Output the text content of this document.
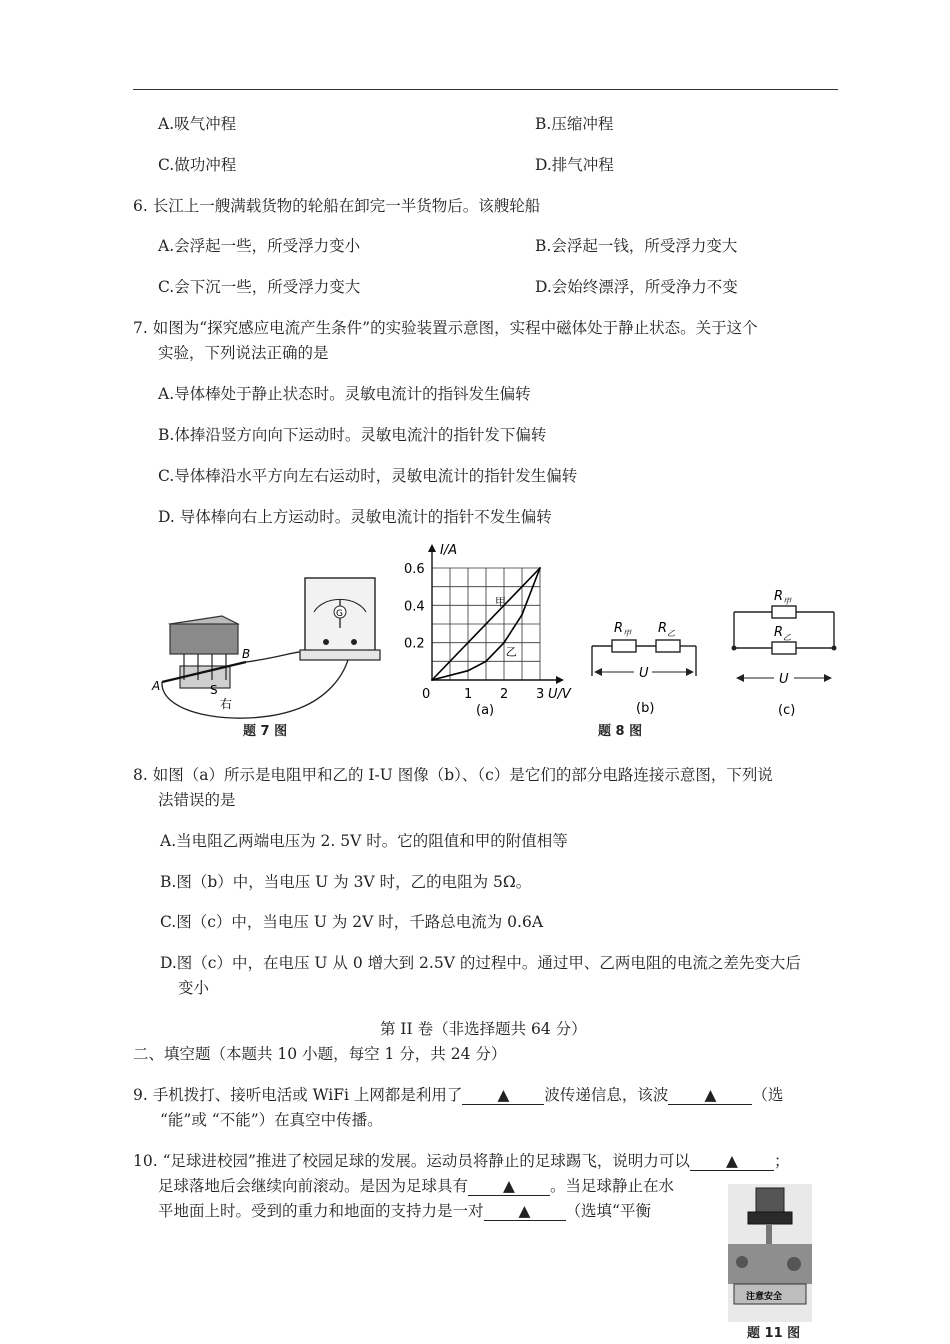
A.吸气冲程	B.压缩冲程
C.做功冲程	D.排气冲程
6. 长江上一艘满载货物的轮船在卸完一半货物后。该艘轮船
A.会浮起一些，所受浮力变小	B.会浮起一钱，所受浮力变大
C.会下沉一些，所受浮力变大	D.会始终漂浮，所受浄力不变
7. 如图为“探究感应电流产生条件”的实验装置示意图，实程中磁体处于静止状态。关于这个
实验，下列说法正确的是
A.导体棒处于静止状态时。灵敏电流计的指钭发生偏转
B.体捧沿竖方向向下运动时。灵敏电流汁的指针发下偏转
C.导体棒沿水平方向左右运动时，灵敏电流计的指针发生偏转
D. 导体棒向右上方运动时。灵敏电流计的指针不发生偏转
A
B
S
右
G
题 7 图
I/A
U/V
0	1 2 3
0.2
0.4
0.6
甲
乙
(a)
$R_甲$ $R_乙$
U
(b)
$R_甲$
$R_乙$
U
(c)
题 8 图
8. 如图（a）所示是电阻甲和乙的 I-U 图像（b）、（c）是它们的部分电路连接示意图，下列说
法错误的是
A.当电阻乙两端电压为 2. 5V 时。它的阻值和甲的附值相等
B.图（b）中，当电压 U 为 3V 时，乙的电阻为 5Ω。
C.图（c）中，当电压 U 为 2V 时，千路总电流为 0.6A
D.图（c）中，在电压 U 从 0 增大到 2.5V 的过程中。通过甲、乙两电阻的电流之差先变大后
变小
第 II 卷（非选择题共 64 分）
二、填空题（本题共 10 小题，每空 1 分，共 24 分）
9. 手机拨打、接听电活或 WiFi 上网都是利用了 ▲ 波传递信息，该波 ▲ （选
“能”或 “不能”）在真空中传播。
10. “足球进校园”推进了校园足球的发展。运动员将静止的足球踢飞，说明力可以 ▲ ；
足球落地后会继续向前滚动。是因为足球具有 ▲ 。当足球静止在水
平地面上时。受到的重力和地面的支持力是一对 ▲ （选填“平衡
注意安全
题 11 图
